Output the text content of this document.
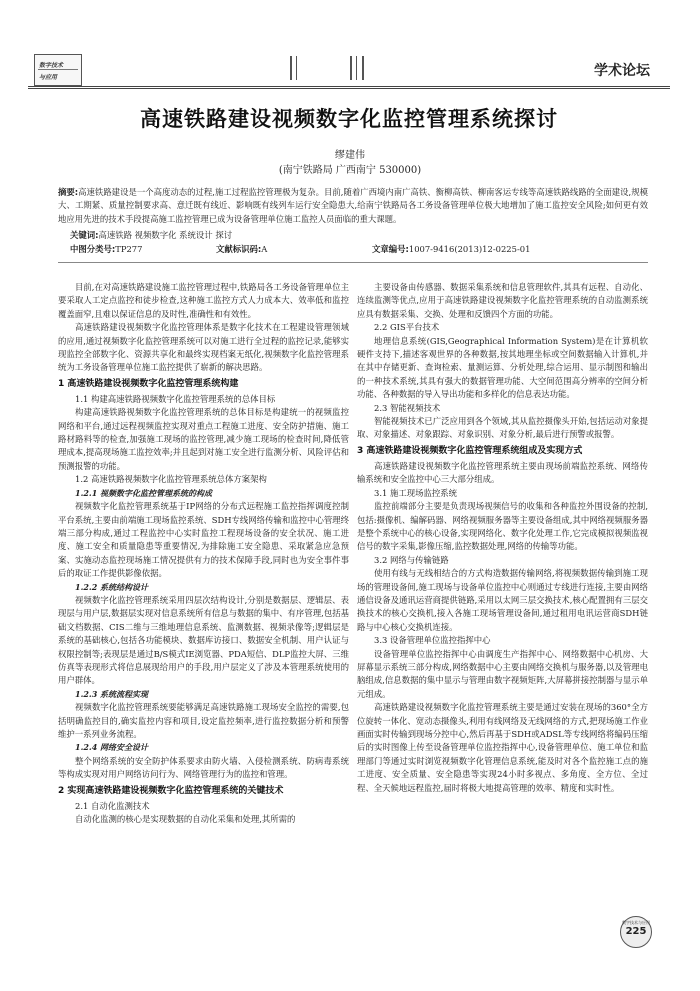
数字技术
与应用	学术论坛
高速铁路建设视频数字化监控管理系统探讨
缪建伟
(南宁铁路局 广西南宁 530000)
摘要:高速铁路建设是一个高度动态的过程,施工过程监控管理极为复杂。目前,随着广西境内南广高铁、衡柳高铁、柳南客运专线等高速铁路线路的全面建设,规模大、工期紧、质量控制要求高、意迁既有线近、影响既有线列车运行安全隐患大,给南宁铁路局各工务设备管理单位极大地增加了施工监控安全风险;如何更有效地应用先进的技术手段提高施工监控管理已成为设备管理单位施工监控人员面临的重大课题。
关键词:高速铁路 视频数字化 系统设计 探讨
中图分类号:TP277	文献标识码:A	文章编号:1007-9416(2013)12-0225-01

目前,在对高速铁路建设施工监控管理过程中,铁路局各工务设备管理单位主要采取人工定点监控和徒步检查,这种施工监控方式人力成本大、效率低和监控覆盖面窄,且难以保证信息的及时性,准确性和有效性。

高速铁路建设视频数字化监控管理体系是数字化技术在工程建设管理领域的应用,通过视频数字化监控管理系统可以对施工进行全过程的监控记录,能够实现监控全部数字化、资源共享化和最终实现档案无纸化,视频数字化监控管理系统为工务设备管理单位施工监控提供了崭新的解决思路。

1 高速铁路建设视频数字化监控管理系统构建
1.1 构建高速铁路视频数字化监控管理系统的总体目标

构建高速铁路视频数字化监控管理系统的总体目标是构建统一的视频监控网络和平台,通过远程视频监控实现对重点工程施工进度、安全防护措施、施工路材路料等的检查,加强施工现场的监控管理,减少施工现场的检查时间,降低管理成本,提高现场施工监控效率;并且起到对施工安全进行监测分析、风险评估和预测报警的功能。

1.2 高速铁路视频数字化监控管理系统总体方案架构
1.2.1 视频数字化监控管理系统的构成

视频数字化监控管理系统基于IP网络的分布式远程施工监控指挥调度控制平台系统,主要由前端施工现场监控系统、SDH专线网络传输和监控中心管理终端三部分构成,通过工程监控中心实时监控工程现场设备的安全状况、施工进度、施工安全和质量隐患等重要情况,为排除施工安全隐患、采取紧急应急预案、实施动态监控现场施工情况提供有力的技术保障手段,同时也为安全事件事后的取证工作提供影像依据。

1.2.2 系统结构设计

视频数字化监控管理系统采用四层次结构设计,分别是数据层、逻辑层、表现层与用户层,数据层实现对信息系统所有信息与数据的集中、有序管理,包括基础文档数据、CIS二维与三维地理信息系统、监测数据、视频录像等;逻辑层是系统的基础核心,包括各功能模块、数据库访接口、数据安全机制、用户认证与权限控制等;表现层是通过B/S模式IE浏览器、PDA短信、DLP监控大屏、三维仿真等表现形式将信息展现给用户的手段,用户层定义了涉及本管理系统使用的用户群体。

1.2.3 系统流程实现

视频数字化监控管理系统要能够满足高速铁路施工现场安全监控的需要,包括明确监控目的,确实监控内容和项目,设定监控频率,进行监控数据分析和预警维护一系列业务流程。

1.2.4 网络安全设计

整个网络系统的安全防护体系要求由防火墙、入侵检测系统、防病毒系统等构成实现对用户网络访问行为、网络管理行为的监控和管理。

2 实现高速铁路建设视频数字化监控管理系统的关键技术
2.1 自动化监测技术

自动化监测的核心是实现数据的自动化采集和处理,其所需的

主要设备由传感器、数据采集系统和信息管理软件,其具有远程、自动化、连续监测等优点,应用于高速铁路建设视频数字化监控管理系统的自动监测系统应具有数据采集、交换、处理和反馈四个方面的功能。

2.2 GIS平台技术

地理信息系统(GIS,Geographical Information System)是在计算机软硬件支持下,描述客观世界的各种数据,按其地理坐标或空间数据输入计算机,并在其中存储更新、查询检索、量测运算、分析处理,综合运用、显示制图和输出的一种技术系统,其具有强大的数据管理功能、大空间范围高分辨率的空间分析功能、各种数据的导入导出功能和多样化的信息表达功能。

2.3 智能视频技术

智能视频技术已广泛应用到各个领域,其从监控摄像头开始,包括运动对象提取、对象描述、对象跟踪、对象识别、对象分析,最后进行预警或报警。

3 高速铁路建设视频数字化监控管理系统组成及实现方式

高速铁路建设视频数字化监控管理系统主要由现场前端监控系统、网络传输系统和安全监控中心三大部分组成。

3.1 施工现场监控系统

监控前端部分主要是负责现场视频信号的收集和各种监控外围设备的控制,包括:摄像机、编解码器、网络视频服务器等主要设备组成,其中网络视频服务器是整个系统中心的核心设备,实现网络化、数字化处理工作,它完成模拟视频监视信号的数字采集,影像压缩,监控数据处理,网络的传输等功能。

3.2 网络与传输链路

使用有线与无线相结合的方式构造数据传输网络,将视频数据传输到施工现场的管理设备间,施工现场与设备单位监控中心则通过专线进行连接,主要由网络通信设备及通讯运营商提供链路,采用以太网三层交换技术,核心配置拥有三层交换技术的核心交换机,接入各施工现场管理设备间,通过租用电讯运营商SDH链路与中心核心交换机连接。

3.3 设备管理单位监控指挥中心

设备管理单位监控指挥中心由调度生产指挥中心、网络数据中心机房、大屏幕显示系统三部分构成,网络数据中心主要由网络交换机与服务器,以及管理电脑组成,信息数据的集中显示与管理由数字视频矩阵,大屏幕拼接控制器与显示单元组成。

高速铁路建设视频数字化监控管理系统主要是通过安装在现场的360°全方位旋转一体化、宽动态摄像头,利用有线网络及无线网络的方式,把现场施工作业画面实时传输到现场分控中心,然后再基于SDH或ADSL等专线网络将编码压缩后的实时图像上传至设备管理单位监控指挥中心,设备管理单位、施工单位和监理部门等通过实时浏览视频数字化管理信息系统,能及时对各个监控施工点的施工进度、安全质量、安全隐患等实现24小时多视点、多角度、全方位、全过程、全天候地远程监控,届时将极大地提高管理的效率、精度和实时性。

数字技术与应用
225
